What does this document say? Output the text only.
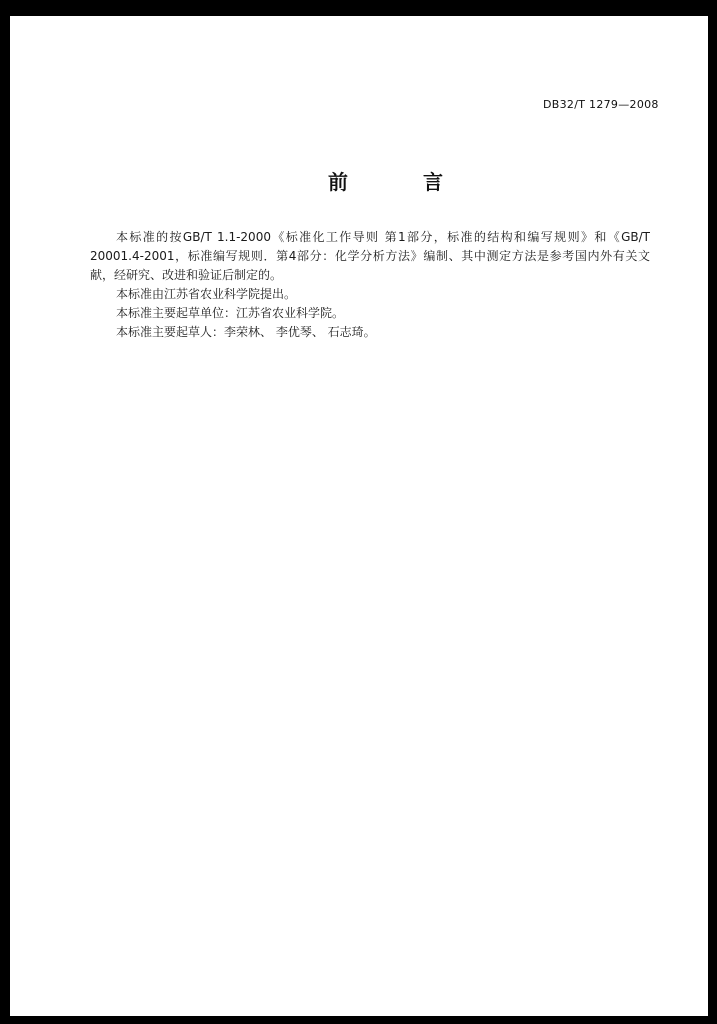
DB32/T 1279—2008
前 言

本标准的按GB/T 1.1-2000《标准化工作导则 第1部分，标准的结构和编写规则》和《GB/T 20001.4-2001，标准编写规则．第4部分：化学分析方法》编制、其中测定方法是参考国内外有关文献，经研究、改进和验证后制定的。

本标准由江苏省农业科学院提出。

本标准主要起草单位：江苏省农业科学院。

本标准主要起草人：李荣林、 李优琴、 石志琦。
